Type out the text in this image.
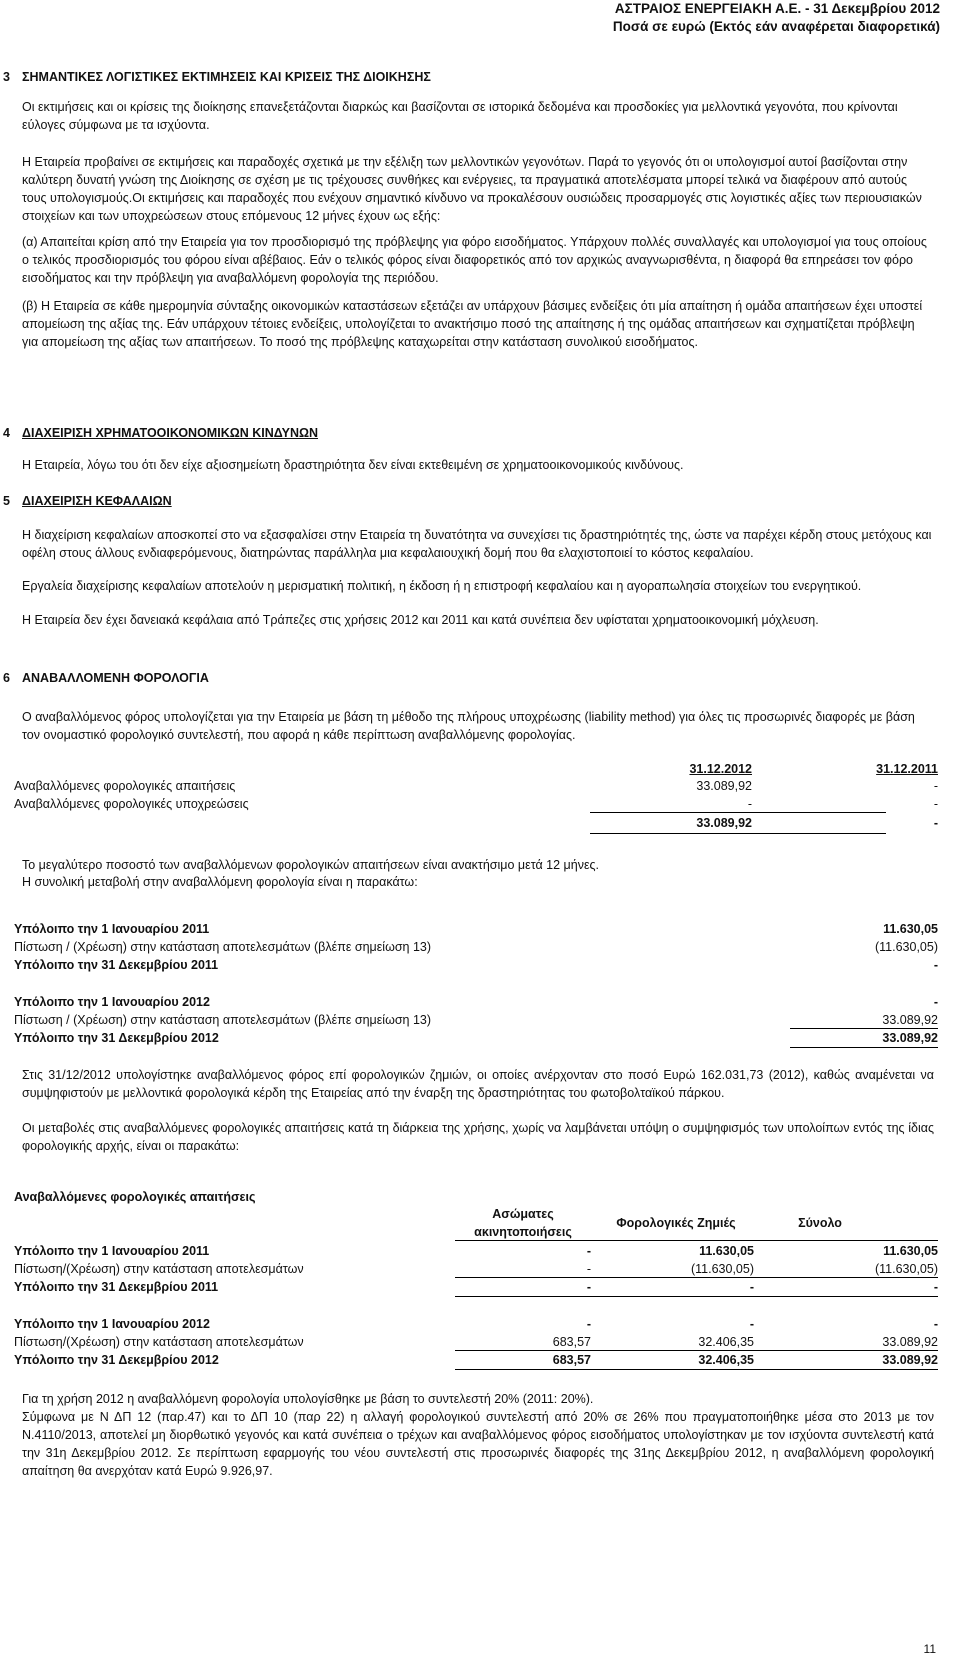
ΑΣΤΡΑΙΟΣ ΕΝΕΡΓΕΙΑΚΗ Α.Ε. - 31 Δεκεμβρίου 2012
Ποσά σε ευρώ (Εκτός εάν αναφέρεται διαφορετικά)
3 ΣΗΜΑΝΤΙΚΕΣ ΛΟΓΙΣΤΙΚΕΣ ΕΚΤΙΜΗΣΕΙΣ ΚΑΙ ΚΡΙΣΕΙΣ ΤΗΣ ΔΙΟΙΚΗΣΗΣ
Οι εκτιμήσεις και οι κρίσεις της διοίκησης επανεξετάζονται διαρκώς και βασίζονται σε ιστορικά δεδομένα και προσδοκίες για μελλοντικά γεγονότα, που κρίνονται εύλογες σύμφωνα με τα ισχύοντα.
Η Εταιρεία προβαίνει σε εκτιμήσεις και παραδοχές σχετικά με την εξέλιξη των μελλοντικών γεγονότων. Παρά το γεγονός ότι οι υπολογισμοί αυτοί βασίζονται στην καλύτερη δυνατή γνώση της Διοίκησης σε σχέση με τις τρέχουσες συνθήκες και ενέργειες, τα πραγματικά αποτελέσματα μπορεί τελικά να διαφέρουν από αυτούς τους υπολογισμούς.Οι εκτιμήσεις και παραδοχές που ενέχουν σημαντικό κίνδυνο να προκαλέσουν ουσιώδεις προσαρμογές στις λογιστικές αξίες των περιουσιακών στοιχείων και των υποχρεώσεων στους επόμενους 12 μήνες έχουν ως εξής:
(α) Απαιτείται κρίση από την Εταιρεία για τον προσδιορισμό της πρόβλεψης για φόρο εισοδήματος. Υπάρχουν πολλές συναλλαγές και υπολογισμοί για τους οποίους ο τελικός προσδιορισμός του φόρου είναι αβέβαιος. Εάν ο τελικός φόρος είναι διαφορετικός από τον αρχικώς αναγνωρισθέντα, η διαφορά θα επηρεάσει τον φόρο εισοδήματος και την πρόβλεψη για αναβαλλόμενη φορολογία της περιόδου.
(β) Η Εταιρεία σε κάθε ημερομηνία σύνταξης οικονομικών καταστάσεων εξετάζει αν υπάρχουν βάσιμες ενδείξεις ότι μία απαίτηση ή ομάδα απαιτήσεων έχει υποστεί απομείωση της αξίας της. Εάν υπάρχουν τέτοιες ενδείξεις, υπολογίζεται το ανακτήσιμο ποσό της απαίτησης ή της ομάδας απαιτήσεων και σχηματίζεται πρόβλεψη για απομείωση της αξίας των απαιτήσεων. Το ποσό της πρόβλεψης καταχωρείται στην κατάσταση συνολικού εισοδήματος.
4 ΔΙΑΧΕΙΡΙΣΗ ΧΡΗΜΑΤΟΟΙΚΟΝΟΜΙΚΩΝ ΚΙΝΔΥΝΩΝ
Η Εταιρεία, λόγω του ότι δεν είχε αξιοσημείωτη δραστηριότητα δεν είναι εκτεθειμένη σε χρηματοοικονομικούς κινδύνους.
5 ΔΙΑΧΕΙΡΙΣΗ ΚΕΦΑΛΑΙΩΝ
Η διαχείριση κεφαλαίων αποσκοπεί στο να εξασφαλίσει στην Εταιρεία τη δυνατότητα να συνεχίσει τις δραστηριότητές της, ώστε να παρέχει κέρδη στους μετόχους και οφέλη στους άλλους ενδιαφερόμενους, διατηρώντας παράλληλα μια κεφαλαιουχική δομή που θα ελαχιστοποιεί το κόστος κεφαλαίου.
Εργαλεία διαχείρισης κεφαλαίων αποτελούν η μερισματική πολιτική, η έκδοση ή η επιστροφή κεφαλαίου και η αγοραπωλησία στοιχείων του ενεργητικού.
Η Εταιρεία δεν έχει δανειακά κεφάλαια από Τράπεζες στις χρήσεις 2012 και 2011 και κατά συνέπεια δεν υφίσταται χρηματοοικονομική μόχλευση.
6 ΑΝΑΒΑΛΛΟΜΕΝΗ ΦΟΡΟΛΟΓΙΑ
Ο αναβαλλόμενος φόρος υπολογίζεται για την Εταιρεία με βάση τη μέθοδο της πλήρους υποχρέωσης (liability method) για όλες τις προσωρινές διαφορές με βάση τον ονομαστικό φορολογικό συντελεστή, που αφορά η κάθε περίπτωση αναβαλλόμενης φορολογίας.
31.12.2012	31.12.2011
Αναβαλλόμενες φορολογικές απαιτήσεις	33.089,92	-
Αναβαλλόμενες φορολογικές υποχρεώσεις	-	-
33.089,92	-
Το μεγαλύτερο ποσοστό των αναβαλλόμενων φορολογικών απαιτήσεων είναι ανακτήσιμο μετά 12 μήνες.
Η συνολική μεταβολή στην αναβαλλόμενη φορολογία είναι η παρακάτω:
Υπόλοιπο την 1 Ιανουαρίου 2011	11.630,05
Πίστωση / (Χρέωση) στην κατάσταση αποτελεσμάτων (βλέπε σημείωση 13)	(11.630,05)
Υπόλοιπο την 31 Δεκεμβρίου 2011	-
Υπόλοιπο την 1 Ιανουαρίου 2012	-
Πίστωση / (Χρέωση) στην κατάσταση αποτελεσμάτων (βλέπε σημείωση 13)	33.089,92
Υπόλοιπο την 31 Δεκεμβρίου 2012	33.089,92
Στις 31/12/2012 υπολογίστηκε αναβαλλόμενος φόρος επί φορολογικών ζημιών, οι οποίες ανέρχονταν στο ποσό Ευρώ 162.031,73 (2012), καθώς αναμένεται να συμψηφιστούν με μελλοντικά φορολογικά κέρδη της Εταιρείας από την έναρξη της δραστηριότητας του φωτοβολταϊκού πάρκου.
Οι μεταβολές στις αναβαλλόμενες φορολογικές απαιτήσεις κατά τη διάρκεια της χρήσης, χωρίς να λαμβάνεται υπόψη ο συμψηφισμός των υπολοίπων εντός της ίδιας φορολογικής αρχής, είναι οι παρακάτω:
Αναβαλλόμενες φορολογικές απαιτήσεις
Ασώματες
ακινητοποιήσεις
Φορολογικές Ζημιές	Σύνολο
Υπόλοιπο την 1 Ιανουαρίου 2011	-	11.630,05	11.630,05
Πίστωση/(Χρέωση) στην κατάσταση αποτελεσμάτων	-	(11.630,05)	(11.630,05)
Υπόλοιπο την 31 Δεκεμβρίου 2011	-	-	-
Υπόλοιπο την 1 Ιανουαρίου 2012	-	-	-
Πίστωση/(Χρέωση) στην κατάσταση αποτελεσμάτων	683,57	32.406,35	33.089,92
Υπόλοιπο την 31 Δεκεμβρίου 2012	683,57	32.406,35	33.089,92
Για τη χρήση 2012 η αναβαλλόμενη φορολογία υπολογίσθηκε με βάση το συντελεστή 20% (2011: 20%).
Σύμφωνα με Ν ΔΠ 12 (παρ.47) και το ΔΠ 10 (παρ 22) η αλλαγή φορολογικού συντελεστή από 20% σε 26% που πραγματοποιήθηκε μέσα στο 2013 με τον Ν.4110/2013, αποτελεί μη διορθωτικό γεγονός και κατά συνέπεια ο τρέχων και αναβαλλόμενος φόρος εισοδήματος υπολογίστηκαν με τον ισχύοντα συντελεστή κατά την 31η Δεκεμβρίου 2012. Σε περίπτωση εφαρμογής του νέου συντελεστή στις προσωρινές διαφορές της 31ης Δεκεμβρίου 2012, η αναβαλλόμενη φορολογική απαίτηση θα ανερχόταν κατά Ευρώ 9.926,97.
11
